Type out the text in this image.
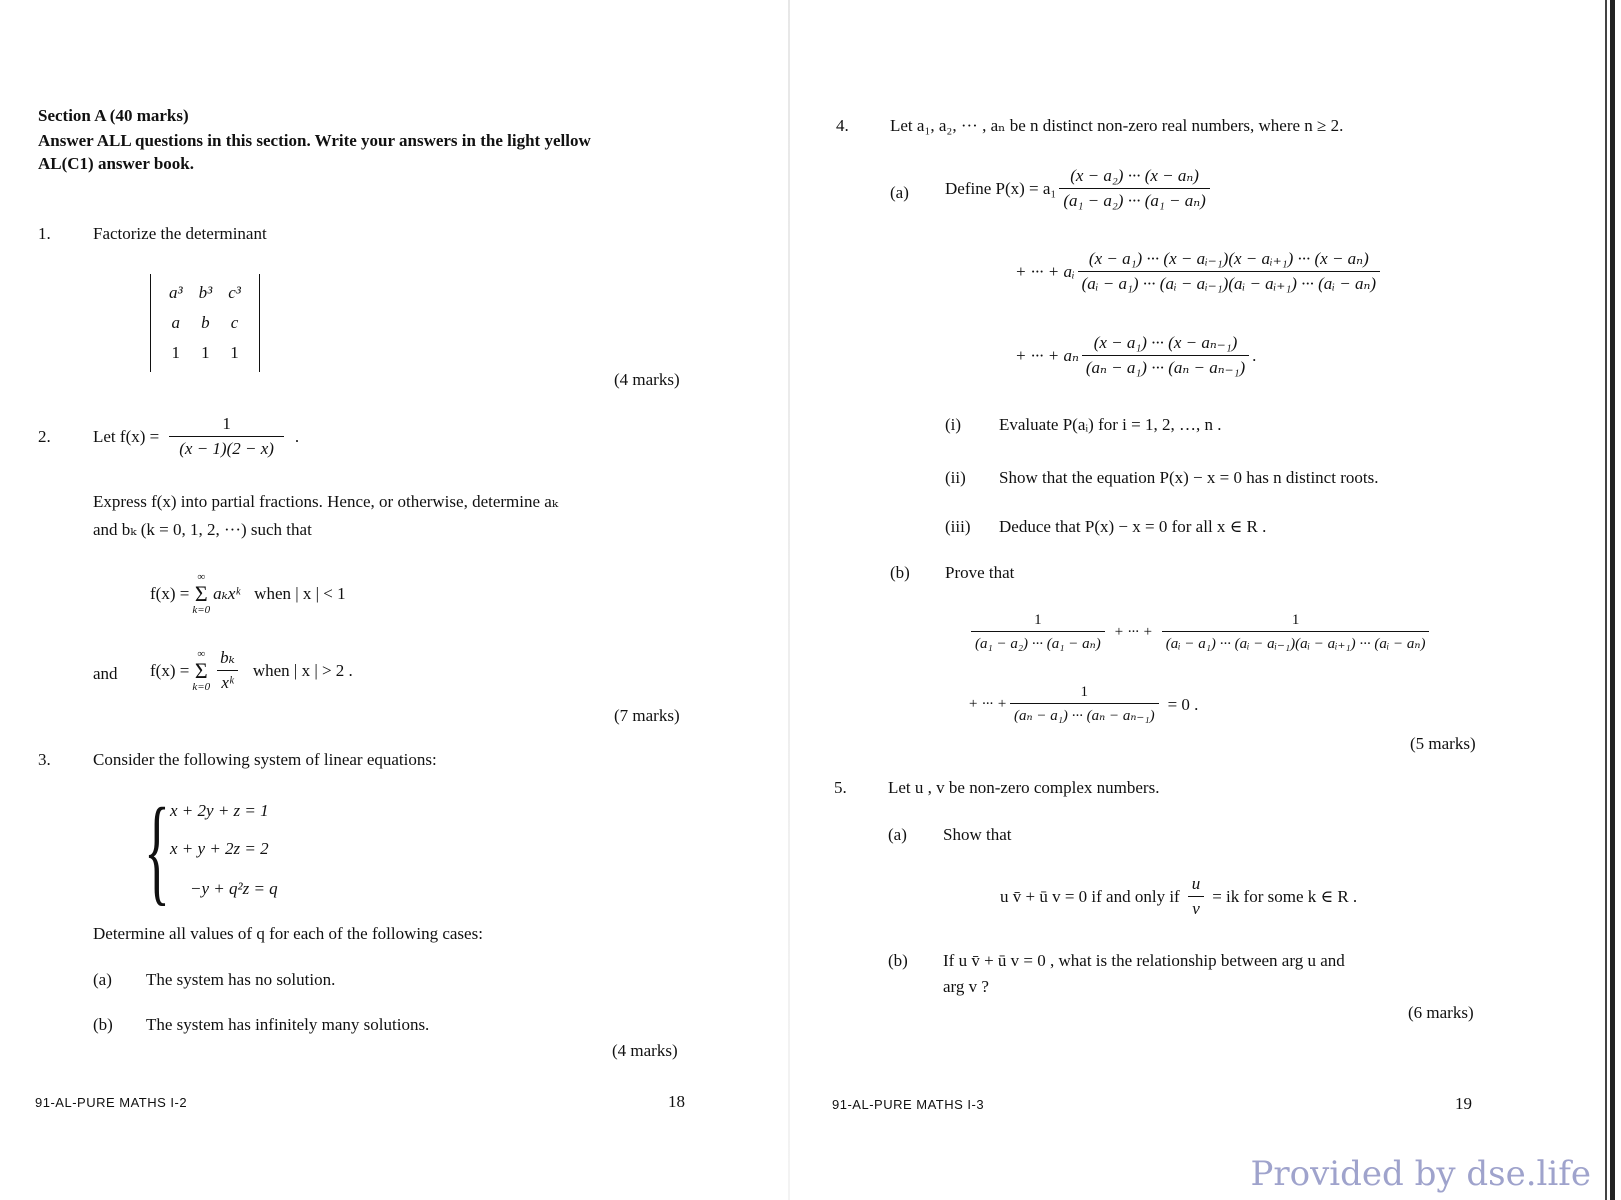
Section A (40 marks)
Answer ALL questions in this section. Write your answers in the light yellow
AL(C1) answer book.
1. Factorize the determinant
a³	b³	c³
a	b	c
1	1	1
(4 marks)
2. Let $f(x) = \frac{1}{(x - 1)(2 - x)}$ .
Express f(x) into partial fractions. Hence, or otherwise, determine aₖ
and bₖ (k = 0, 1, 2, ···) such that
f(x) =
∞
Σ
k=0
aₖxᵏ when | x | < 1
and f(x) =
∞
Σ
$k=0 \frac{\text{bₖ}}{\text{xᵏ}}$ when | x | > 2 .
(7 marks)
3. Consider the following system of linear equations:
{ x + 2y + z = 1
x + y + 2z = 2
−y + q²z = q
Determine all values of q for each of the following cases:
(a) The system has no solution.
(b) The system has infinitely many solutions.
(4 marks)
91-AL-PURE MATHS I-2	18
4. Let a₁, a₂, ··· , aₙ be n distinct non-zero real numbers, where n ≥ 2.
(a) Define $P(x) = a_1 \frac{\text{(x − a₂) ··· (x − aₙ)}}{\text{(a₁ − a₂) ··· (a₁ − aₙ)}}$
+ ··· + aᵢ $\frac{\text{(x − a₁) ··· (x − aᵢ₋₁)(x − aᵢ₊₁) ··· (x − aₙ)}}{\text{(aᵢ − a₁) ··· (aᵢ − aᵢ₋₁)(aᵢ − aᵢ₊₁) ··· (aᵢ − aₙ)}}$
+ ··· + aₙ $\frac{\text{(x − a₁) ··· (x − aₙ₋₁)}}{\text{(aₙ − a₁) ··· (aₙ − aₙ₋₁)}}$ .
(i) Evaluate P(aᵢ) for i = 1, 2, …, n .
(ii) Show that the equation P(x) − x = 0 has n distinct roots.
(iii) Deduce that P(x) − x = 0 for all x ∈ R .
(b) Prove that
$\frac{1}{\text{(a₁ − a₂) ··· (a₁ − aₙ)}}$ + ··· + $\frac{1}{\text{(aᵢ − a₁) ··· (aᵢ − aᵢ₋₁)(aᵢ − aᵢ₊₁) ··· (aᵢ − aₙ)}}$
+ ··· + $\frac{1}{\text{(aₙ − a₁) ··· (aₙ − aₙ₋₁)}} = 0$ .
(5 marks)
5. Let u , v be non-zero complex numbers.
(a) Show that
u v̄ + ū v = 0 if and only if $\frac{u}{v}$ = ik for some k ∈ R .
(b) If u v̄ + ū v = 0 , what is the relationship between arg u and
arg v ?
(6 marks)
91-AL-PURE MATHS I-3	19
Provided by dse.life
